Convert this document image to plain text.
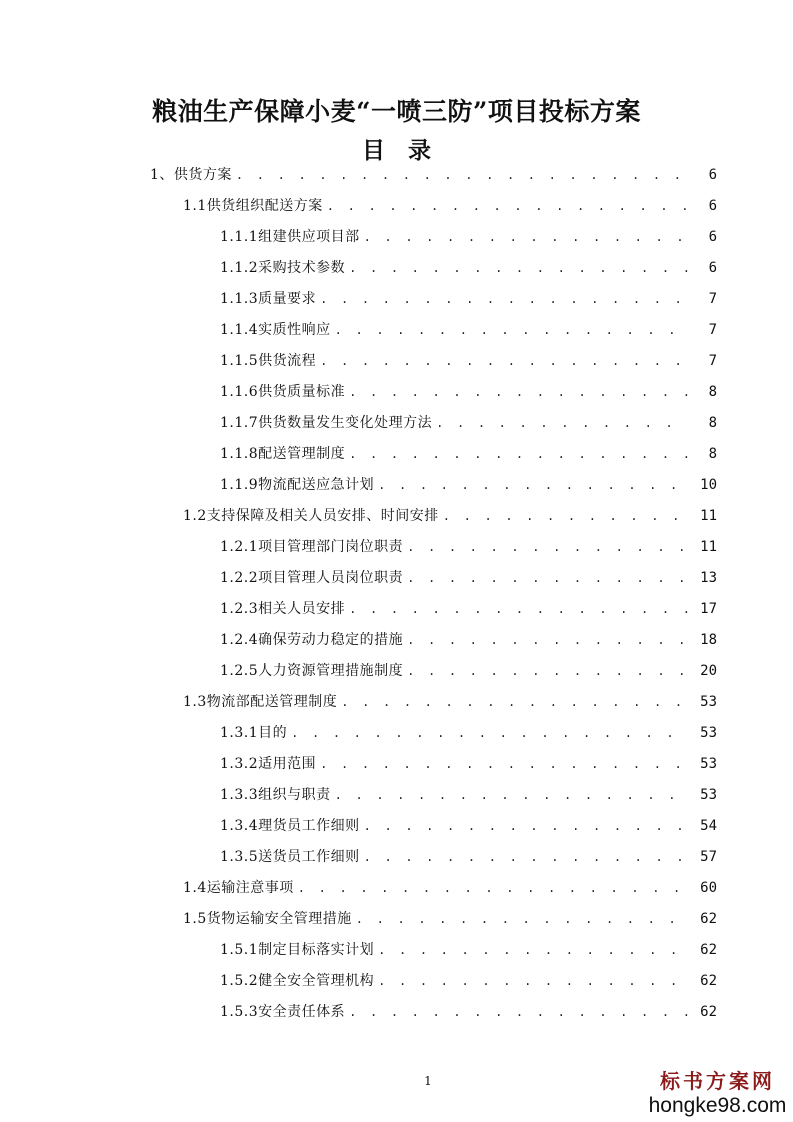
粮油生产保障小麦“一喷三防”项目投标方案
目　录
1、供货方案 . . .	6
1.1供货组织配送方案 . . .	6
1.1.1组建供应项目部 . . .	6
1.1.2采购技术参数 . . .	6
1.1.3质量要求 . . .	7
1.1.4实质性响应 . . .	7
1.1.5供货流程 . . .	7
1.1.6供货质量标准 . . .	8
1.1.7供货数量发生变化处理方法 . . .	8
1.1.8配送管理制度 . . .	8
1.1.9物流配送应急计划 . . .	10
1.2支持保障及相关人员安排、时间安排 . . .	11
1.2.1项目管理部门岗位职责 . . .	11
1.2.2项目管理人员岗位职责 . . .	13
1.2.3相关人员安排 . . .	17
1.2.4确保劳动力稳定的措施 . . .	18
1.2.5人力资源管理措施制度 . . .	20
1.3物流部配送管理制度 . . .	53
1.3.1目的 . . .	53
1.3.2适用范围 . . .	53
1.3.3组织与职责 . . .	53
1.3.4理货员工作细则 . . .	54
1.3.5送货员工作细则 . . .	57
1.4运输注意事项 . . .	60
1.5货物运输安全管理措施 . . .	62
1.5.1制定目标落实计划 . . .	62
1.5.2健全安全管理机构 . . .	62
1.5.3安全责任体系 . . .	62
1	标书方案网
hongke98.com
